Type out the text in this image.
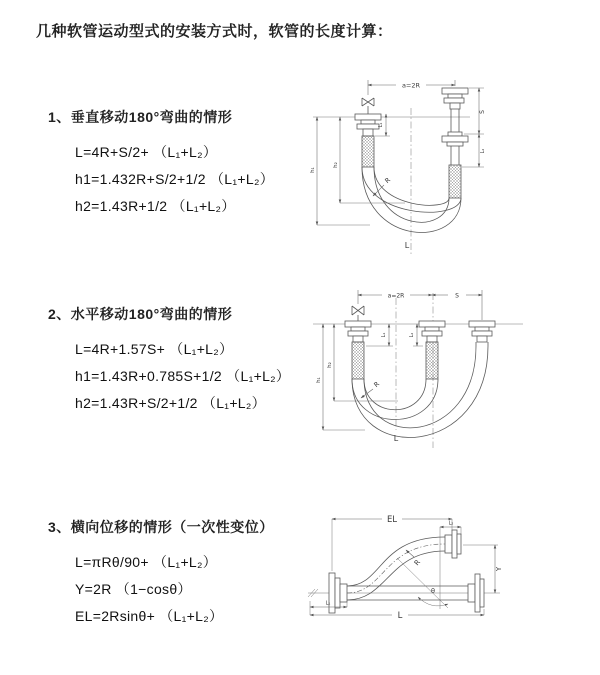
几种软管运动型式的安装方式时，软管的长度计算：
1、垂直移动180°弯曲的情形
L=4R+S/2+ （L₁+L₂）
h1=1.432R+S/2+1/2 （L₁+L₂）
h2=1.43R+1/2 （L₁+L₂）
2、水平移动180°弯曲的情形
L=4R+1.57S+ （L₁+L₂）
h1=1.43R+0.785S+1/2 （L₁+L₂）
h2=1.43R+S/2+1/2 （L₁+L₂）
3、横向位移的情形（一次性变位）
L=πRθ/90+ （L₁+L₂）
Y=2R （1−cosθ）
EL=2Rsinθ+ （L₁+L₂）
a=2R
h₁
h₂
L₁
S
L₂
R
L
a=2R	S
h₁
h₂
L₁	L₂
R
L
EL	L₂
θ
R
Y
L₁
L
